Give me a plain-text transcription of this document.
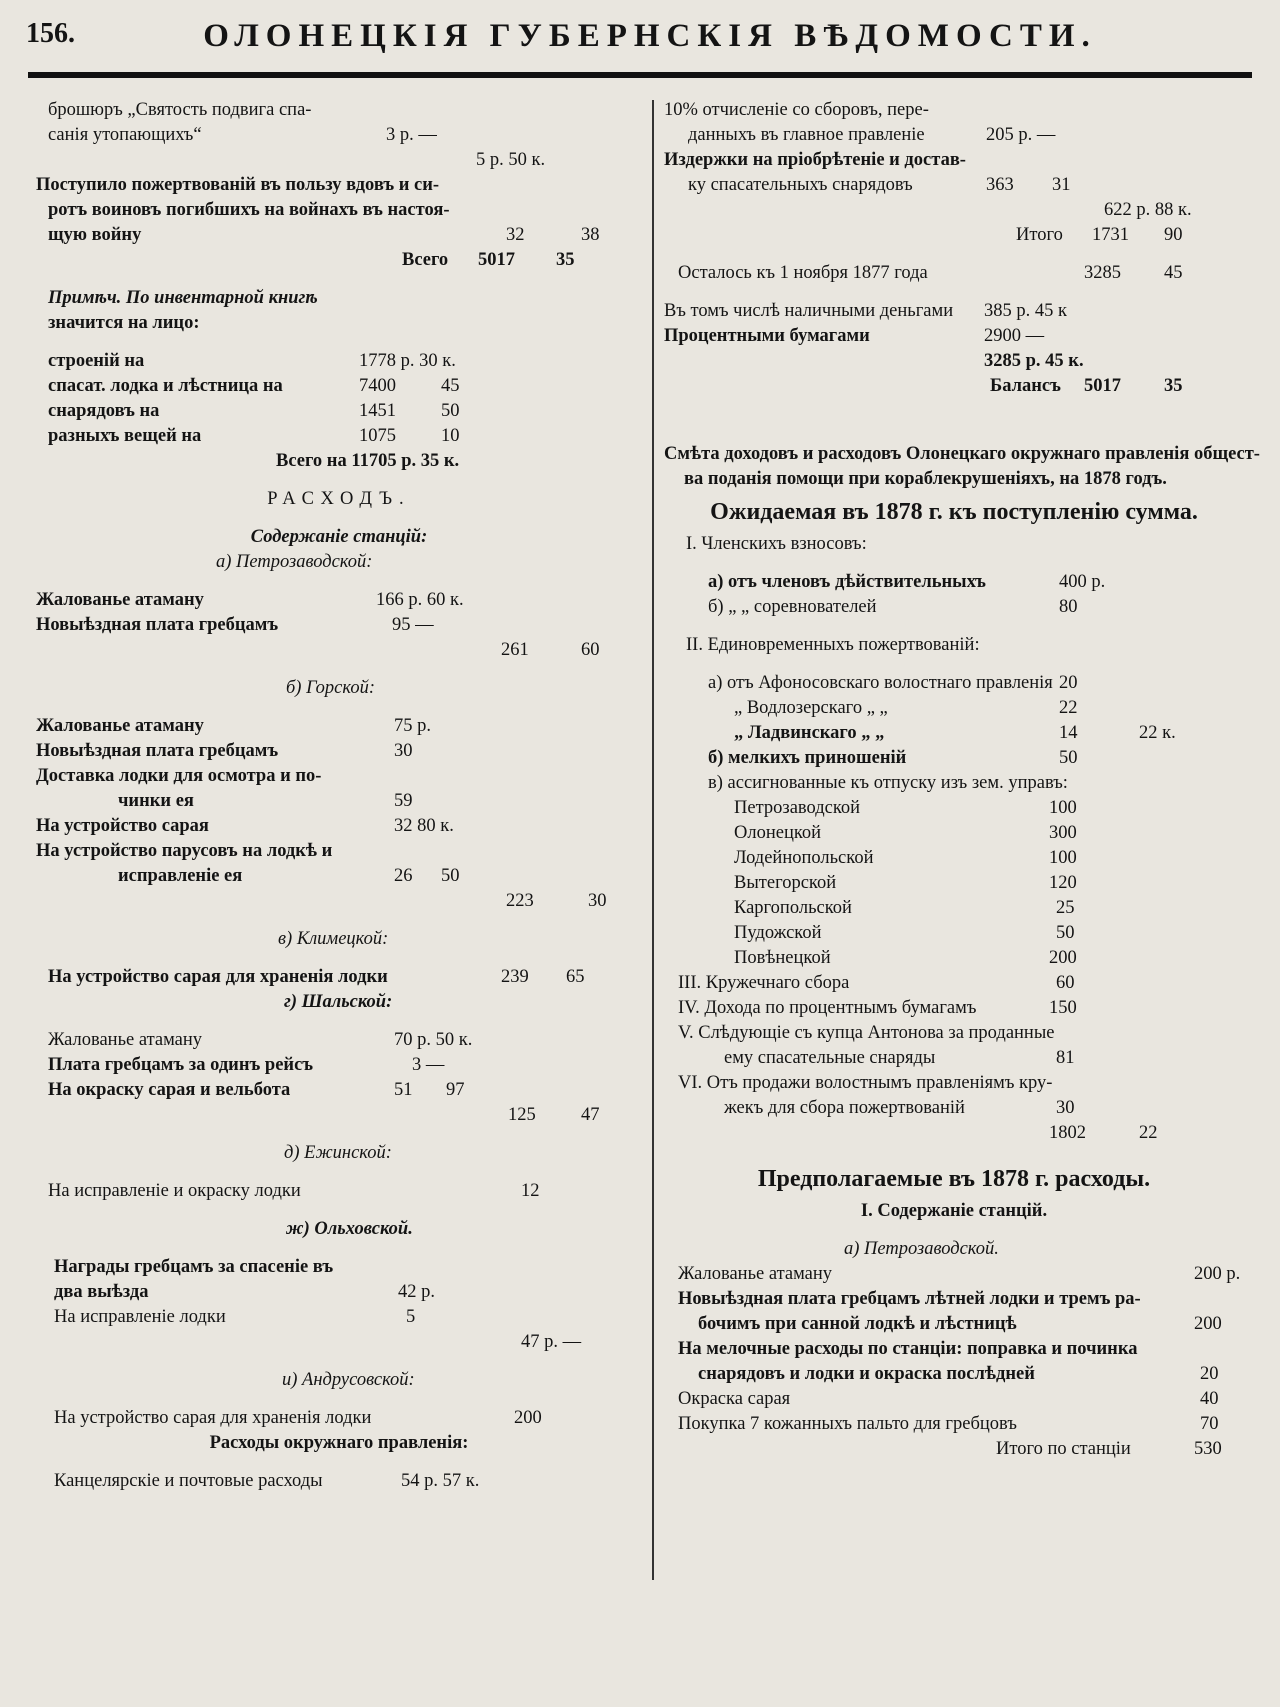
156.	ОЛОНЕЦКІЯ ГУБЕРНСКІЯ ВѢДОМОСТИ.
брошюръ „Святость подвига спа-
санія утопающихъ“	3 р. —
5 р. 50 к.
Поступило пожертвованій въ пользу вдовъ и си-
ротъ воиновъ погибшихъ на войнахъ въ настоя-
щую войну	32	38
Всего 5017 35
Примѣч. По инвентарной книгѣ
значится на лицо:
строеній на	1778 р. 30 к.
спасат. лодка и лѣстница на	7400 45
снарядовъ на	1451 50
разныхъ вещей на	1075 10
Всего на 11705 р. 35 к.
РАСХОДЪ.
Содержаніе станцій:
а) Петрозаводской:
Жалованье атаману	166 р. 60 к.
Новыѣздная плата гребцамъ	95 —
261	60
б) Горской:
Жалованье атаману	75 р.
Новыѣздная плата гребцамъ	30
Доставка лодки для осмотра и по-
чинки ея	59
На устройство сарая	32 80 к.
На устройство парусовъ на лодкѣ и
исправленіе ея	26 50
223	30
в) Климецкой:
На устройство сарая для храненія лодки	239 65
г) Шальской:
Жалованье атаману	70 р. 50 к.
Плата гребцамъ за одинъ рейсъ	3 —
На окраску сарая и вельбота	51 97
125 47
д) Ежинской:
На исправленіе и окраску лодки	12
ж) Ольховской.
Награды гребцамъ за спасеніе въ
два выѣзда	42 р.
На исправленіе лодки	5
47 р. —
и) Андрусовской:
На устройство сарая для храненія лодки	200
Расходы окружнаго правленія:
Канцелярскіе и почтовые расходы	54 р. 57 к.
10% отчисленіе со сборовъ, пере-
данныхъ въ главное правленіе	205 р. —
Издержки на пріобрѣтеніе и достав-
ку спасательныхъ снарядовъ	363 31
622 р. 88 к.
Итого 1731 90
Осталось къ 1 ноября 1877 года	3285 45
Въ томъ числѣ наличными деньгами 385 р. 45 к
Процентными бумагами	2900 —
3285 р. 45 к.
Балансъ 5017 35
Смѣта доходовъ и расходовъ Олонецкаго окружнаго правленія общест-
ва поданія помощи при кораблекрушеніяхъ, на 1878 годъ.
Ожидаемая въ 1878 г. къ поступленію сумма.
I. Членскихъ взносовъ:
а) отъ членовъ дѣйствительныхъ	400 р.
б) „ „ соревнователей	80
II. Единовременныхъ пожертвованій:
а) отъ Афоносовскаго волостнаго правленія 20
„ Водлозерскаго „ „	22
„ Ладвинскаго „ „	14	22 к.
б) мелкихъ приношеній	50
в) ассигнованные къ отпуску изъ зем. управъ:
Петрозаводской	100
Олонецкой	300
Лодейнопольской	100
Вытегорской	120
Каргопольской	25
Пудожской	50
Повѣнецкой	200
III. Кружечнаго сбора	60
IV. Дохода по процентнымъ бумагамъ	150
V. Слѣдующіе съ купца Антонова за проданные
ему спасательные снаряды	81
VI. Отъ продажи волостнымъ правленіямъ кру-
жекъ для сбора пожертвованій	30
1802	22
Предполагаемые въ 1878 г. расходы.
I. Содержаніе станцій.
а) Петрозаводской.
Жалованье атаману	200 р.
Новыѣздная плата гребцамъ лѣтней лодки и тремъ ра-
бочимъ при санной лодкѣ и лѣстницѣ	200
На мелочные расходы по станціи: поправка и починка
снарядовъ и лодки и окраска послѣдней	20
Окраска сарая	40
Покупка 7 кожанныхъ пальто для гребцовъ	70
Итого по станціи	530
